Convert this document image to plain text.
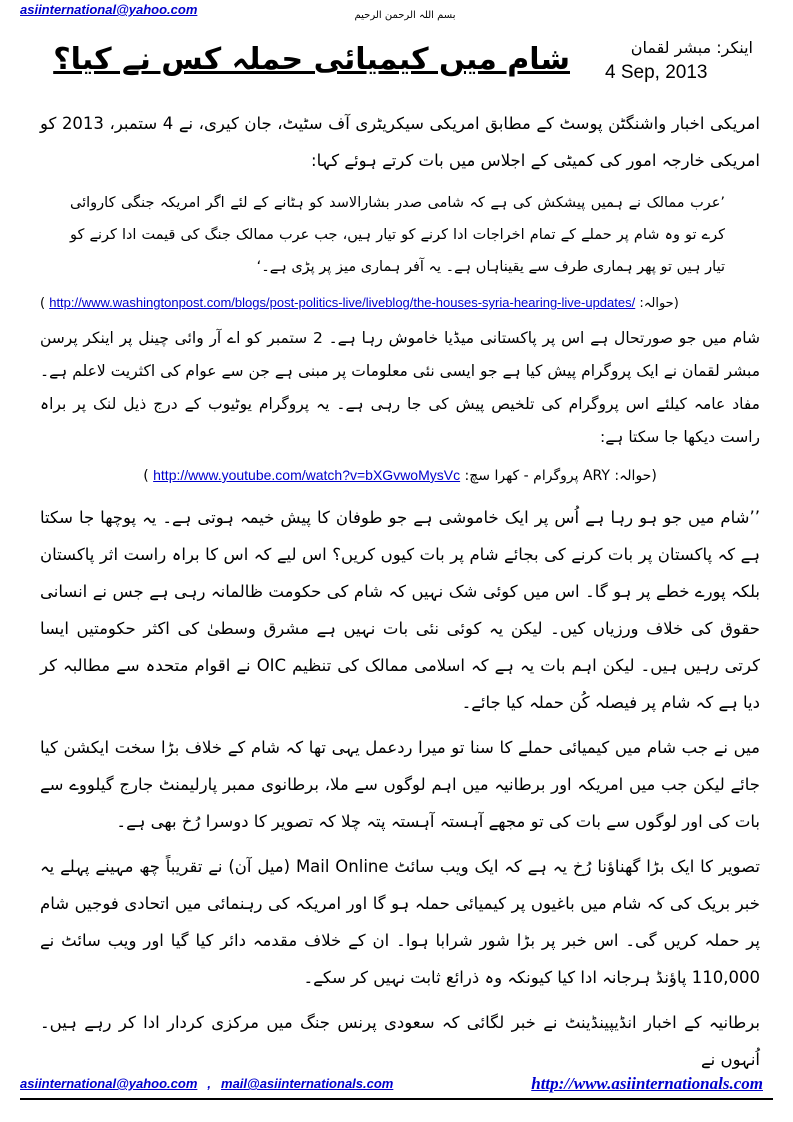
asiinternational@yahoo.com	بسم اللہ الرحمن الرحیم
شام میں کیمیائی حملہ کس نے کیا؟	اینکر: مبشر لقمان
4 Sep, 2013

امریکی اخبار واشنگٹن پوسٹ کے مطابق امریکی سیکریٹری آف سٹیٹ، جان کیری، نے 4 ستمبر، 2013 کو امریکی خارجہ امور کی کمیٹی کے اجلاس میں بات کرتے ہوئے کہا:

’عرب ممالک نے ہمیں پیشکش کی ہے کہ شامی صدر بشارالاسد کو ہٹانے کے لئے اگر امریکہ جنگی کاروائی کرے تو وہ شام پر حملے کے تمام اخراجات ادا کرنے کو تیار ہیں، جب عرب ممالک جنگ کی قیمت ادا کرنے کو تیار ہیں تو پھر ہماری طرف سے یقیناہاں ہے۔ یہ آفر ہماری میز پر پڑی ہے۔‘

(حوالہ: http://www.washingtonpost.com/blogs/post-politics-live/liveblog/the-houses-syria-hearing-live-updates/ )

شام میں جو صورتحال ہے اس پر پاکستانی میڈیا خاموش رہا ہے۔ 2 ستمبر کو اے آر وائی چینل پر اینکر پرسن مبشر لقمان نے ایک پروگرام پیش کیا ہے جو ایسی نئی معلومات پر مبنی ہے جن سے عوام کی اکثریت لاعلم ہے۔ مفاد عامہ کیلئے اس پروگرام کی تلخیص پیش کی جا رہی ہے۔ یہ پروگرام یوٹیوب کے درج ذیل لنک پر براہ راست دیکھا جا سکتا ہے:

(حوالہ: ARY پروگرام - کھرا سچ: http://www.youtube.com/watch?v=bXGvwoMysVc )

’’شام میں جو ہو رہا ہے اُس پر ایک خاموشی ہے جو طوفان کا پیش خیمہ ہوتی ہے۔ یہ پوچھا جا سکتا ہے کہ پاکستان پر بات کرنے کی بجائے شام پر بات کیوں کریں؟ اس لیے کہ اس کا براہ راست اثر پاکستان بلکہ پورے خطے پر ہو گا۔ اس میں کوئی شک نہیں کہ شام کی حکومت ظالمانہ رہی ہے جس نے انسانی حقوق کی خلاف ورزیاں کیں۔ لیکن یہ کوئی نئی بات نہیں ہے مشرق وسطیٰ کی اکثر حکومتیں ایسا کرتی رہیں ہیں۔ لیکن اہم بات یہ ہے کہ اسلامی ممالک کی تنظیم OIC نے اقوام متحدہ سے مطالبہ کر دیا ہے کہ شام پر فیصلہ کُن حملہ کیا جائے۔

میں نے جب شام میں کیمیائی حملے کا سنا تو میرا ردعمل یہی تھا کہ شام کے خلاف بڑا سخت ایکشن کیا جائے لیکن جب میں امریکہ اور برطانیہ میں اہم لوگوں سے ملا، برطانوی ممبر پارلیمنٹ جارج گیلووے سے بات کی اور لوگوں سے بات کی تو مجھے آہستہ آہستہ پتہ چلا کہ تصویر کا دوسرا رُخ بھی ہے۔

تصویر کا ایک بڑا گھناؤنا رُخ یہ ہے کہ ایک ویب سائٹ Mail Online (میل آن) نے تقریباً چھ مہینے پہلے یہ خبر بریک کی کہ شام میں باغیوں پر کیمیائی حملہ ہو گا اور امریکہ کی رہنمائی میں اتحادی فوجیں شام پر حملہ کریں گی۔ اس خبر پر بڑا شور شرابا ہوا۔ ان کے خلاف مقدمہ دائر کیا گیا اور ویب سائٹ نے 110,000 پاؤنڈ ہرجانہ ادا کیا کیونکہ وہ ذرائع ثابت نہیں کر سکے۔

برطانیہ کے اخبار انڈیپینڈینٹ نے خبر لگائی کہ سعودی پرنس جنگ میں مرکزی کردار ادا کر رہے ہیں۔ اُنہوں نے

asiinternational@yahoo.com , mail@asiinternationals.com	http://www.asiinternationals.com
